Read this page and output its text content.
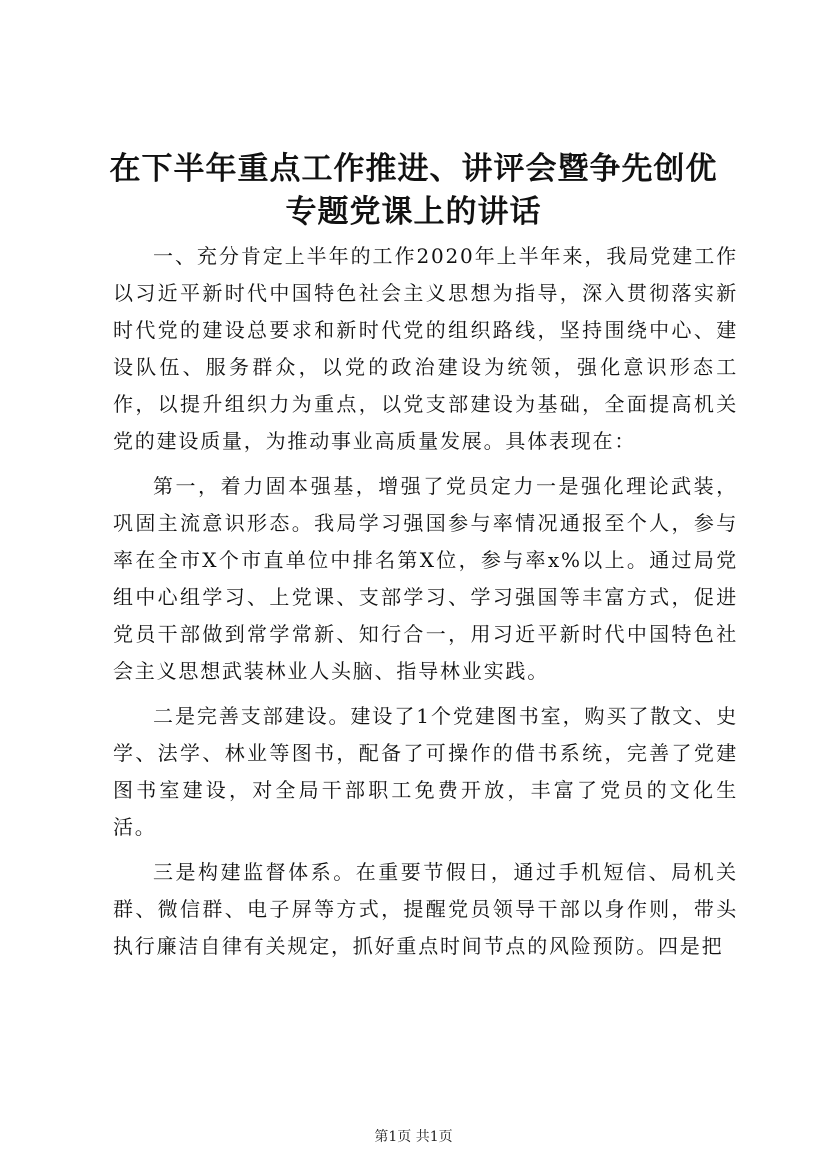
在下半年重点工作推进、讲评会暨争先创优专题党课上的讲话

一、充分肯定上半年的工作2020年上半年来，我局党建工作以习近平新时代中国特色社会主义思想为指导，深入贯彻落实新时代党的建设总要求和新时代党的组织路线，坚持围绕中心、建设队伍、服务群众，以党的政治建设为统领，强化意识形态工作，以提升组织力为重点，以党支部建设为基础，全面提高机关党的建设质量，为推动事业高质量发展。具体表现在：

第一，着力固本强基，增强了党员定力一是强化理论武装，巩固主流意识形态。我局学习强国参与率情况通报至个人，参与率在全市X个市直单位中排名第X位，参与率x%以上。通过局党组中心组学习、上党课、支部学习、学习强国等丰富方式，促进党员干部做到常学常新、知行合一，用习近平新时代中国特色社会主义思想武装林业人头脑、指导林业实践。

二是完善支部建设。建设了1个党建图书室，购买了散文、史学、法学、林业等图书，配备了可操作的借书系统，完善了党建图书室建设，对全局干部职工免费开放，丰富了党员的文化生活。

三是构建监督体系。在重要节假日，通过手机短信、局机关群、微信群、电子屏等方式，提醒党员领导干部以身作则，带头执行廉洁自律有关规定，抓好重点时间节点的风险预防。四是把

第1页 共1页
